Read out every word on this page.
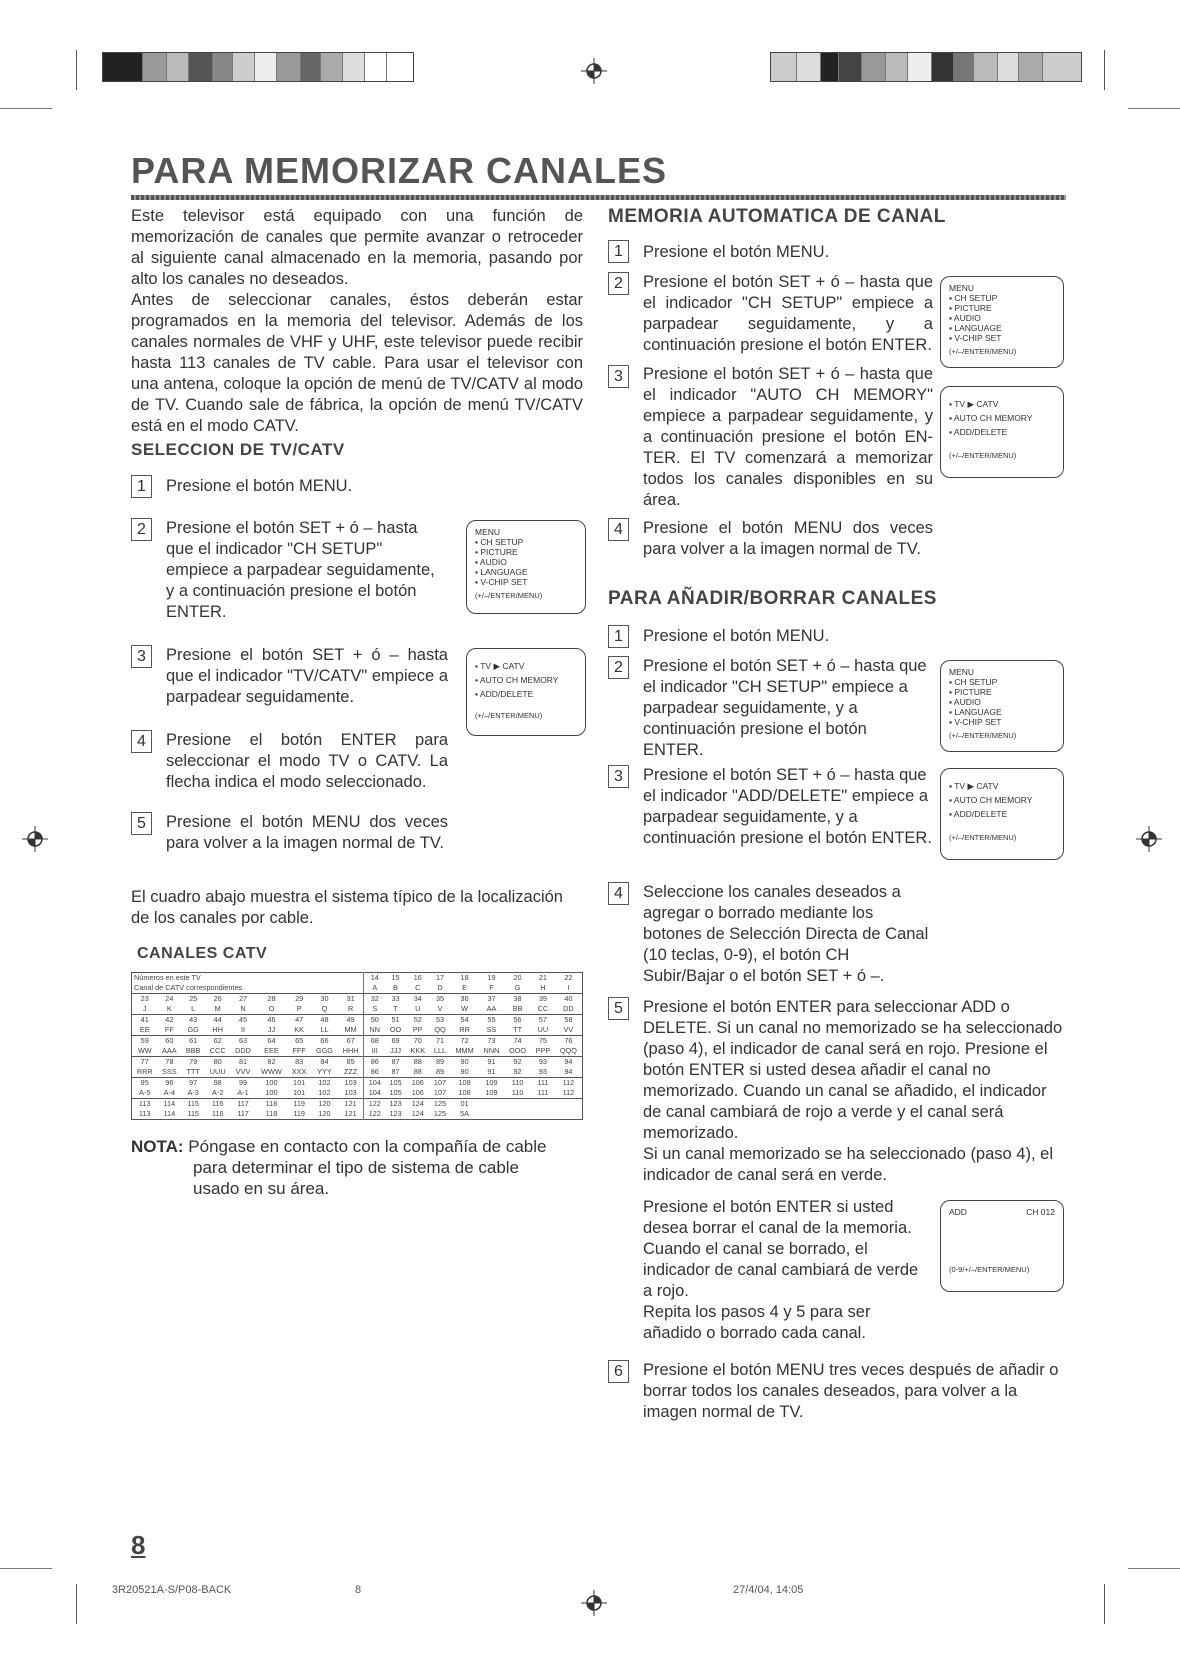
PARA MEMORIZAR CANALES

Este televisor está equipado con una función de memorización de canales que permite avanzar o retroceder al siguiente canal almacenado en la memoria, pasando por alto los canales no deseados.

Antes de seleccionar canales, éstos deberán estar programados en la memoria del televisor. Además de los canales normales de VHF y UHF, este televisor puede recibir hasta 113 canales de TV cable. Para usar el televisor con una antena, coloque la opción de menú de TV/CATV al modo de TV. Cuando sale de fábrica, la opción de menú TV/CATV está en el modo CATV.

SELECCION DE TV/CATV
1	Presione el botón MENU.

2	Presione el botón SET + ó – hasta que el indicador "CH SETUP" empiece a parpadear seguidamente, y a continuación presione el botón ENTER.

MENU
▪ CH SETUP
▪ PICTURE
▪ AUDIO
▪ LANGUAGE
▪ V-CHIP SET
(+/–/ENTER/MENU)
3	Presione el botón SET + ó – hasta que el indicador "TV/CATV" empiece a parpadear seguidamente.

▪ TV ▶ CATV
▪ AUTO CH MEMORY
▪ ADD/DELETE
(+/–/ENTER/MENU)
4	Presione el botón ENTER para seleccionar el modo TV o CATV. La flecha indica el modo seleccionado.

5	Presione el botón MENU dos veces para volver a la imagen normal de TV.

El cuadro abajo muestra el sistema típico de la localización de los canales por cable.

CANALES CATV
Números en este TV									14	15	16	17	18	19	20	21	22
Canal de CATV correspondientes									A	B	C	D	E	F	G	H	I
23	24	25	26	27	28	29	30	31	32	33	34	35	36	37	38	39	40
J	K	L	M	N	O	P	Q	R	S	T	U	V	W	AA	BB	CC	DD
41	42	43	44	45	46	47	48	49	50	51	52	53	54	55	56	57	58
EE	FF	GG	HH	II	JJ	KK	LL	MM	NN	OO	PP	QQ	RR	SS	TT	UU	VV
59	60	61	62	63	64	65	66	67	68	69	70	71	72	73	74	75	76
WW	AAA	BBB	CCC	DDD	EEE	FFF	GGG	HHH	III	JJJ	KKK	LLL	MMM	NNN	OOO	PPP	QQQ
77	78	79	80	81	82	83	84	85	86	87	88	89	90	91	92	93	94
RRR	SSS	TTT	UUU	VVV	WWW	XXX	YYY	ZZZ	86	87	88	89	90	91	92	93	94
95	96	97	98	99	100	101	102	103	104	105	106	107	108	109	110	111	112
A-5	A-4	A-3	A-2	A-1	100	101	102	103	104	105	106	107	108	109	110	111	112
113	114	115	116	117	118	119	120	121	122	123	124	125	01				
113	114	115	116	117	118	119	120	121	122	123	124	125	5A				

NOTA: Póngase en contacto con la compañía de cable

para determinar el tipo de sistema de cable

usado en su área.

MEMORIA AUTOMATICA DE CANAL
1	Presione el botón MENU.

2	Presione el botón SET + ó – hasta que el indicador "CH SETUP" empiece a parpadear seguidamente, y a continuación presione el botón ENTER.

MENU
▪ CH SETUP
▪ PICTURE
▪ AUDIO
▪ LANGUAGE
▪ V-CHIP SET
(+/–/ENTER/MENU)
3	Presione el botón SET + ó – hasta que el indicador "AUTO CH MEMORY" empiece a parpadear seguidamente, y a continuación presione el botón EN-TER. El TV comenzará a memorizar todos los canales disponibles en su área.

▪ TV ▶ CATV
▪ AUTO CH MEMORY
▪ ADD/DELETE
(+/–/ENTER/MENU)
4	Presione el botón MENU dos veces para volver a la imagen normal de TV.

PARA AÑADIR/BORRAR CANALES
1	Presione el botón MENU.

2	Presione el botón SET + ó – hasta que el indicador "CH SETUP" empiece a parpadear seguidamente, y a continuación presione el botón ENTER.

MENU
▪ CH SETUP
▪ PICTURE
▪ AUDIO
▪ LANGUAGE
▪ V-CHIP SET
(+/–/ENTER/MENU)
3	Presione el botón SET + ó – hasta que el indicador "ADD/DELETE" empiece a parpadear seguidamente, y a continuación presione el botón ENTER.

▪ TV ▶ CATV
▪ AUTO CH MEMORY
▪ ADD/DELETE
(+/–/ENTER/MENU)
4	Seleccione los canales deseados a agregar o borrado mediante los botones de Selección Directa de Canal (10 teclas, 0-9), el botón CH Subir/Bajar o el botón SET + ó –.

5	Presione el botón ENTER para seleccionar ADD o DELETE. Si un canal no memorizado se ha seleccionado (paso 4), el indicador de canal será en rojo. Presione el botón ENTER si usted desea añadir el canal no memorizado. Cuando un canal se añadido, el indicador de canal cambiará de rojo a verde y el canal será memorizado.

Si un canal memorizado se ha seleccionado (paso 4), el indicador de canal será en verde.

Presione el botón ENTER si usted desea borrar el canal de la memoria. Cuando el canal se borrado, el indicador de canal cambiará de verde a rojo.

Repita los pasos 4 y 5 para ser añadido o borrado cada canal.

ADD	CH 012
(0-9/+/–/ENTER/MENU)
6	Presione el botón MENU tres veces después de añadir o borrar todos los canales deseados, para volver a la imagen normal de TV.

8
3R20521A-S/P08-BACK	8	27/4/04, 14:05
